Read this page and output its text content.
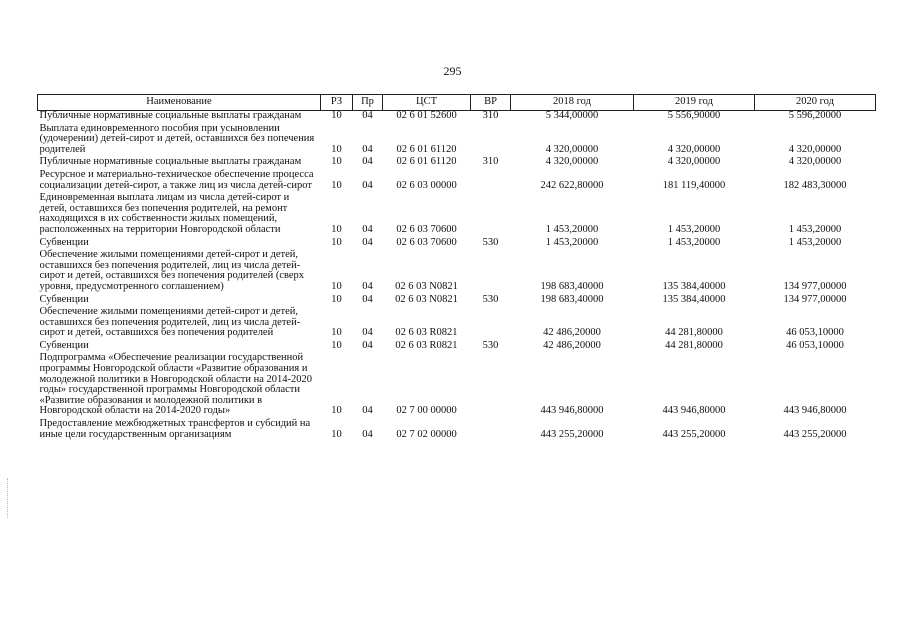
295
Наименование	РЗ	Пр	ЦСТ	ВР	2018 год	2019 год	2020 год
Публичные нормативные социальные выплаты гражданам	10	04	02 6 01 52600	310	5 344,00000	5 556,90000	5 596,20000
Выплата единовременного пособия при усыновлении (удочерении) детей-сирот и детей, оставшихся без попечения родителей	10	04	02 6 01 61120		4 320,00000	4 320,00000	4 320,00000
Публичные нормативные социальные выплаты гражданам	10	04	02 6 01 61120	310	4 320,00000	4 320,00000	4 320,00000
Ресурсное и материально-техническое обеспечение процесса социализации детей-сирот, а также лиц из числа детей-сирот	10	04	02 6 03 00000		242 622,80000	181 119,40000	182 483,30000
Единовременная выплата лицам из числа детей-сирот и детей, оставшихся без попечения родителей, на ремонт находящихся в их собственности жилых помещений, расположенных на территории Новгородской области	10	04	02 6 03 70600		1 453,20000	1 453,20000	1 453,20000
Субвенции	10	04	02 6 03 70600	530	1 453,20000	1 453,20000	1 453,20000
Обеспечение жилыми помещениями детей-сирот и детей, оставшихся без попечения родителей, лиц из числа детей-сирот и детей, оставшихся без попечения родителей (сверх уровня, предусмотренного соглашением)	10	04	02 6 03 N0821		198 683,40000	135 384,40000	134 977,00000
Субвенции	10	04	02 6 03 N0821	530	198 683,40000	135 384,40000	134 977,00000
Обеспечение жилыми помещениями детей-сирот и детей, оставшихся без попечения родителей, лиц из числа детей-сирот и детей, оставшихся без попечения родителей	10	04	02 6 03 R0821		42 486,20000	44 281,80000	46 053,10000
Субвенции	10	04	02 6 03 R0821	530	42 486,20000	44 281,80000	46 053,10000
Подпрограмма «Обеспечение реализации государственной программы Новгородской области «Развитие образования и молодежной политики в Новгородской области на 2014-2020 годы» государственной программы Новгородской области «Развитие образования и молодежной политики в Новгородской области на 2014-2020 годы»	10	04	02 7 00 00000		443 946,80000	443 946,80000	443 946,80000
Предоставление межбюджетных трансфертов и субсидий на иные цели государственным организациям	10	04	02 7 02 00000		443 255,20000	443 255,20000	443 255,20000
